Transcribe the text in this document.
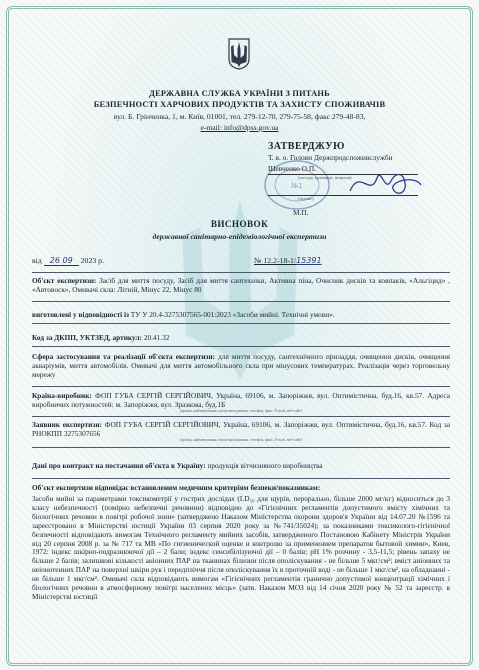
ДЕРЖАВНА СЛУЖБА УКРАЇНИ З ПИТАНЬ
БЕЗПЕЧНОСТІ ХАРЧОВИХ ПРОДУКТІВ ТА ЗАХИСТУ СПОЖИВАЧІВ

вул. Б. Грінченка, 1, м. Київ, 01001, тел. 279-12-70, 279-75-58, факс 279-48-83,
e-mail: info@dpss.gov.ua

№1
ЗАТВЕРДЖУЮ
Т. в. о. Голови Держпродспоживслужби
Шевченко О.П.
(посада, прізвище, ініціали)
(підпис)
М.П.
ВИСНОВОК
державної санітарно-епідеміологічної експертизи
від 26 09 2023 р.	№ 12.2-18-1/15391
Об'єкт експертизи: Засіб для миття посуду, Засіб для миття сантехніки, Активна піна, Очисник дисків та ковпаків, «Альгіцид» , «Автовоск», Омивачі скла: Літній, Мінус 22, Мінус 80
виготовлені у відповідності із ТУ У 20.4-3275307565-001:2023 «Засоби мийні. Технічні умови».
Код за ДКПП, УКТЗЕД, артикул: 20.41.32
Сфера застосування та реалізації об'єкта експертизи: для миття посуду, сантехнічного приладдя, очищення дисків, очищення акваріумів, миття автомобілів. Омивачі для миття автомобільного скла при мінусових температурах. Реалізація через торговельну мережу
Країна-виробник: ФОП ГУБА СЕРГІЙ СЕРГІЙОВИЧ, Україна, 69106, м. Запоріжжя, вул. Оптимістична, буд.16, кв.57. Адреса виробничих потужностей: м. Запоріжжя, вул. Зразкова, буд.1Б
(країна, найменування, місцезнаходження, телефон, факс, E-mail, веб-сайт)
Заявник експертизи: ФОП ГУБА СЕРГІЙ СЕРГІЙОВИЧ, Україна, 69106, м. Запоріжжя, вул. Оптимістична, буд.16, кв.57. Код за РНОКПП 3275307656
(країна, найменування, місцезнаходження, телефон, факс, E-mail, веб-сайт)
Дані про контракт на постачання об'єкта в Україну: продукція вітчизняного виробництва
Об'єкт експертизи відповідає встановленим медичним критеріям безпеки/показникам:
Засоби мийні за параметрами токсикометрії у гострих дослідах (LD₅₀ для щурів, перорально, більше 2000 мг/кг) відноситься до 3 класу небезпечності (помірно небезпечні речовини) відповідно до «Гігієнічних регламентів допустимого вмісту хімічних та біологічних речовин в повітрі робочої зони» (затверджено Наказом Міністерства охорони здоров'я України від 14.07.20 №1596 та зареєстровано в Міністерстві юстиції України 03 серпня 2020 року за №741/35024); за показниками токсиколого-гігієнічної безпечності відповідають вимогам Технічного регламенту мийних засобів, затвердженого Постановою Кабінету Міністрів України від 20 серпня 2008 р. за № 717 та МВ «По гигиенической оценке и контролю за применением препаратов бытовой химии», Киев, 1972: індекс шкірно-подразнюючої дії – 2 бали; індекс сенсибілізуючої дії – 0 балів; рН 1% розчину - 3,5-11,5; рівень запаху не більше 2 балів; залишкові кількості аніонних ПАР на тканинах білизни після ополіскування - не більше 5 мкг/см²; вміст аніонних та неіоногенних ПАР на поверхні шкіри рук і передпліччя після ополіскування їх в проточній воді - не більше 1 мкг/см², на обладнанні - не більше 1 мкг/см². Омивачі скла відповідають вимогам «Гігієнічних регламентів гранично допустимої концентрації хімічних і біологічних речовин в атмосферному повітрі населених місць» (затв. Наказом МОЗ від 14 січня 2020 року № 52 та зареєстр. в Міністерстві юстиції
